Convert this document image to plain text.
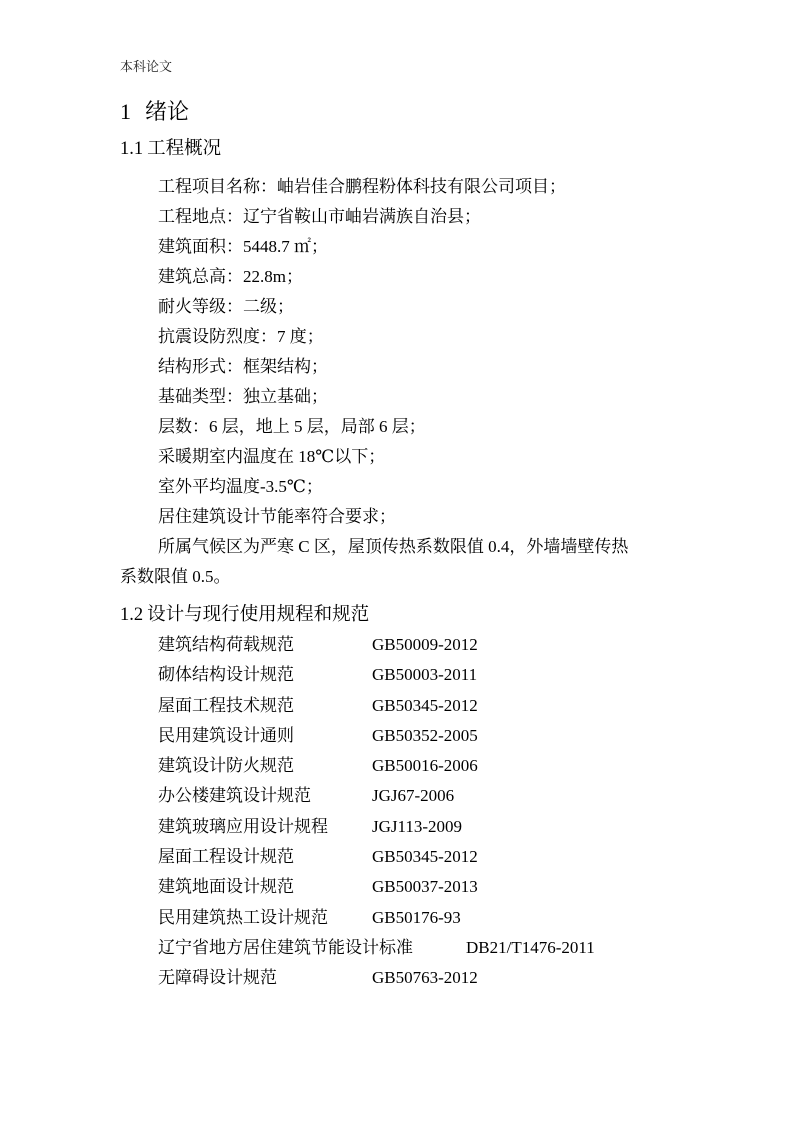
本科论文
1 绪论
1.1 工程概况
工程项目名称：岫岩佳合鹏程粉体科技有限公司项目；
工程地点：辽宁省鞍山市岫岩满族自治县；
建筑面积：5448.7 ㎡；
建筑总高：22.8m；
耐火等级：二级；
抗震设防烈度：7 度；
结构形式：框架结构；
基础类型：独立基础；
层数：6 层，地上 5 层，局部 6 层；
采暖期室内温度在 18℃以下；
室外平均温度-3.5℃；
居住建筑设计节能率符合要求；
所属气候区为严寒 C 区，屋顶传热系数限值 0.4，外墙墙壁传热
系数限值 0.5。
1.2 设计与现行使用规程和规范
建筑结构荷载规范	GB50009-2012
砌体结构设计规范	GB50003-2011
屋面工程技术规范	GB50345-2012
民用建筑设计通则	GB50352-2005
建筑设计防火规范	GB50016-2006
办公楼建筑设计规范	JGJ67-2006
建筑玻璃应用设计规程	JGJ113-2009
屋面工程设计规范	GB50345-2012
建筑地面设计规范	GB50037-2013
民用建筑热工设计规范	GB50176-93
辽宁省地方居住建筑节能设计标准	DB21/T1476-2011
无障碍设计规范	GB50763-2012
